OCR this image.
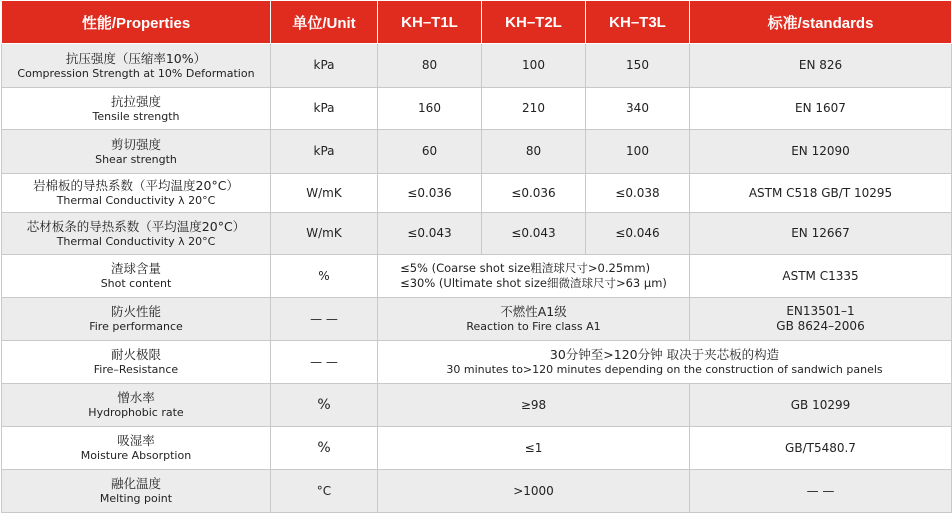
性能/Properties	单位/Unit	KH–T1L	KH–T2L	KH–T3L	标准/standards

抗压强度（压缩率10%）
Compression Strength at 10% Deformation	kPa	80	100	150	EN 826

抗拉强度
Tensile strength	kPa	160	210	340	EN 1607

剪切强度
Shear strength	kPa	60	80	100	EN 12090

岩棉板的导热系数（平均温度20°C）
Thermal Conductivity λ 20°C	W/mK	≤0.036	≤0.036	≤0.038	ASTM C518 GB/T 10295

芯材板条的导热系数（平均温度20°C）
Thermal Conductivity λ 20°C	W/mK	≤0.043	≤0.043	≤0.046	EN 12667

渣球含量
Shot content	%	≤5% (Coarse shot size粗渣球尺寸>0.25mm)
≤30% (Ultimate shot size细微渣球尺寸>63 μm)			ASTM C1335

防火性能
Fire performance	— —	不燃性A1级
Reaction to Fire class A1			EN13501–1
GB 8624–2006

耐火极限
Fire–Resistance	— —	30分钟至>120分钟 取决于夹芯板的构造
30 minutes to>120 minutes depending on the construction of sandwich panels			

憎水率
Hydrophobic rate	%	≥98			GB 10299

吸湿率
Moisture Absorption	%	≤1			GB/T5480.7

融化温度
Melting point	°C	>1000			— —
